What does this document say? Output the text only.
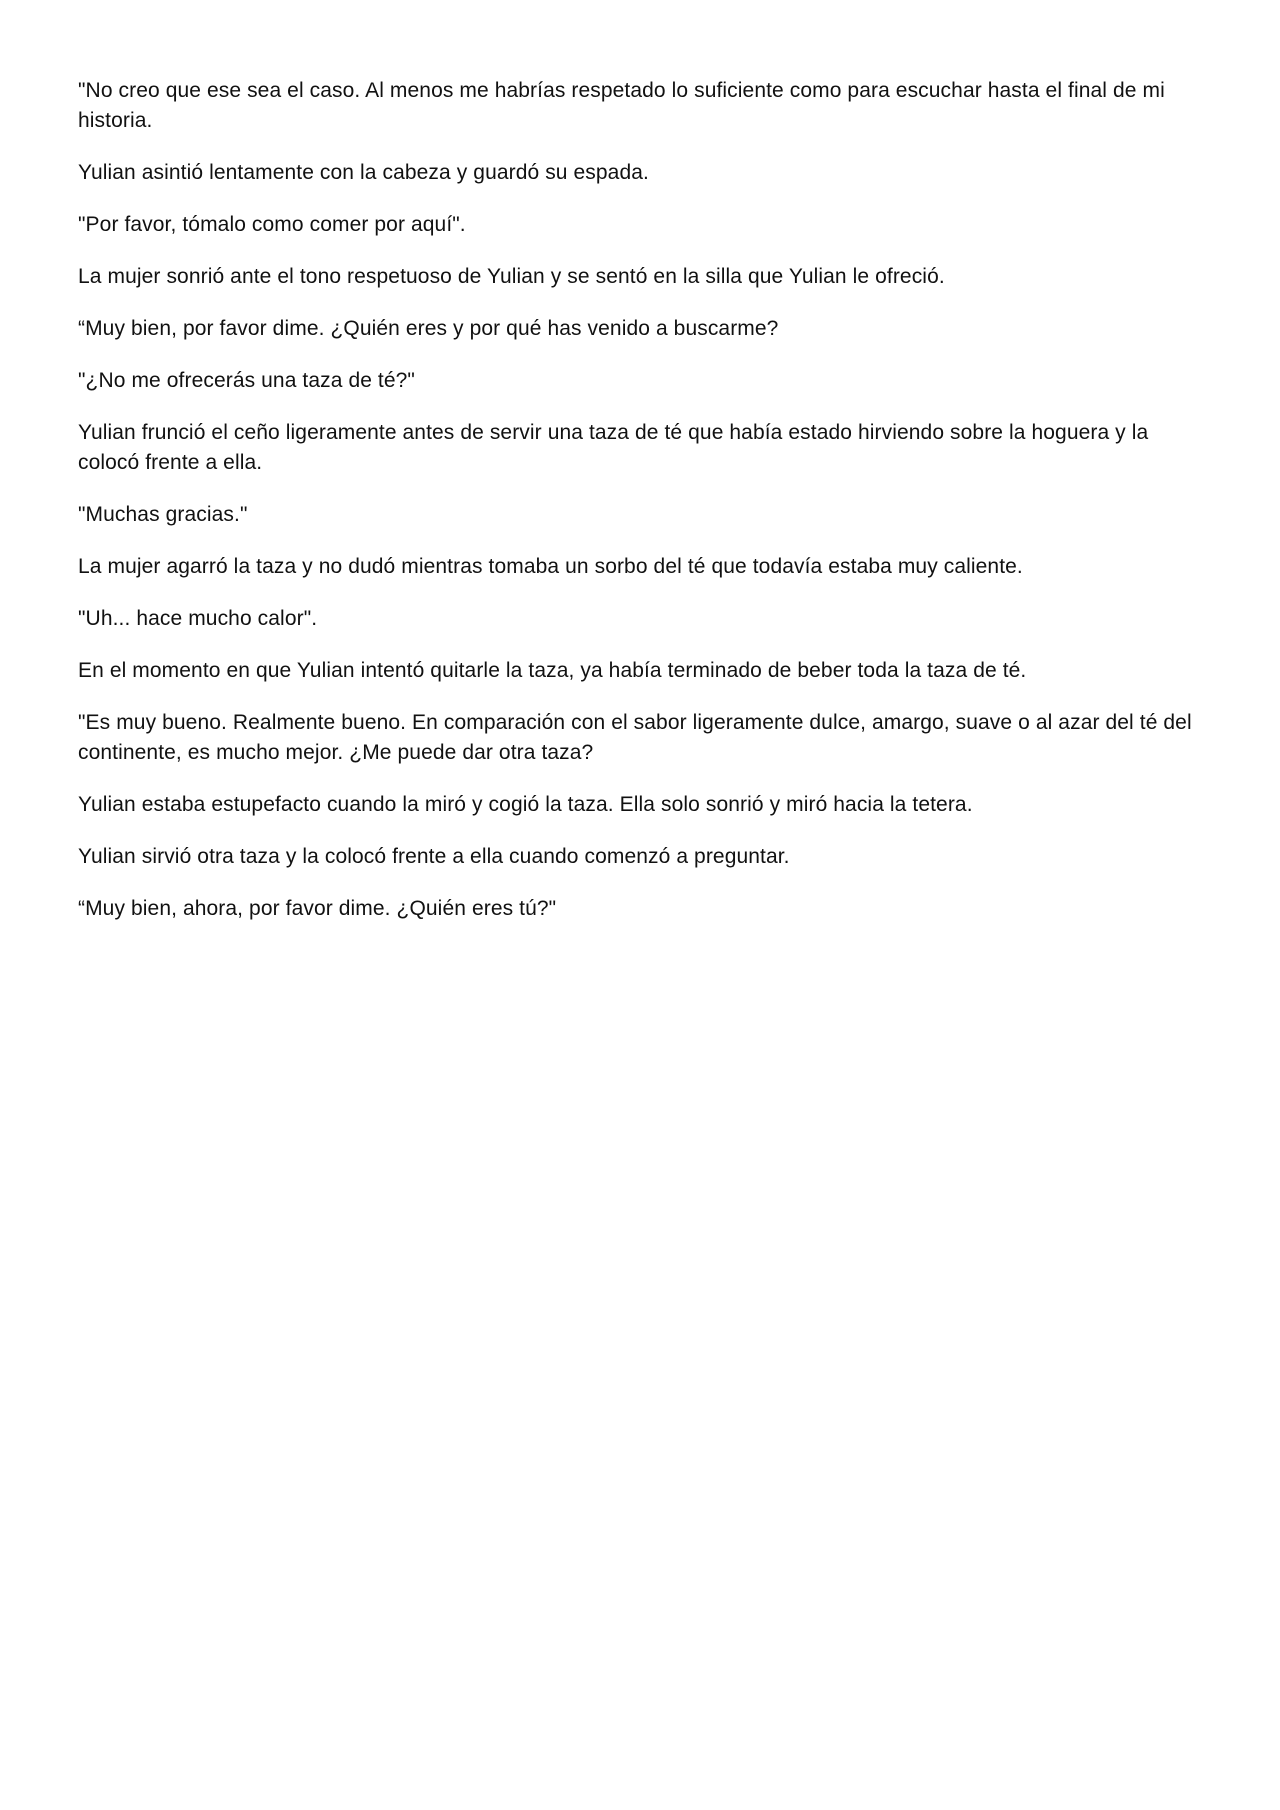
"No creo que ese sea el caso. Al menos me habrías respetado lo suficiente como para escuchar hasta el final de mi historia.

Yulian asintió lentamente con la cabeza y guardó su espada.

"Por favor, tómalo como comer por aquí".

La mujer sonrió ante el tono respetuoso de Yulian y se sentó en la silla que Yulian le ofreció.

“Muy bien, por favor dime. ¿Quién eres y por qué has venido a buscarme?

"¿No me ofrecerás una taza de té?"

Yulian frunció el ceño ligeramente antes de servir una taza de té que había estado hirviendo sobre la hoguera y la colocó frente a ella.

"Muchas gracias."

La mujer agarró la taza y no dudó mientras tomaba un sorbo del té que todavía estaba muy caliente.

"Uh... hace mucho calor".

En el momento en que Yulian intentó quitarle la taza, ya había terminado de beber toda la taza de té.

"Es muy bueno. Realmente bueno. En comparación con el sabor ligeramente dulce, amargo, suave o al azar del té del continente, es mucho mejor. ¿Me puede dar otra taza?

Yulian estaba estupefacto cuando la miró y cogió la taza. Ella solo sonrió y miró hacia la tetera.

Yulian sirvió otra taza y la colocó frente a ella cuando comenzó a preguntar.

“Muy bien, ahora, por favor dime. ¿Quién eres tú?"
